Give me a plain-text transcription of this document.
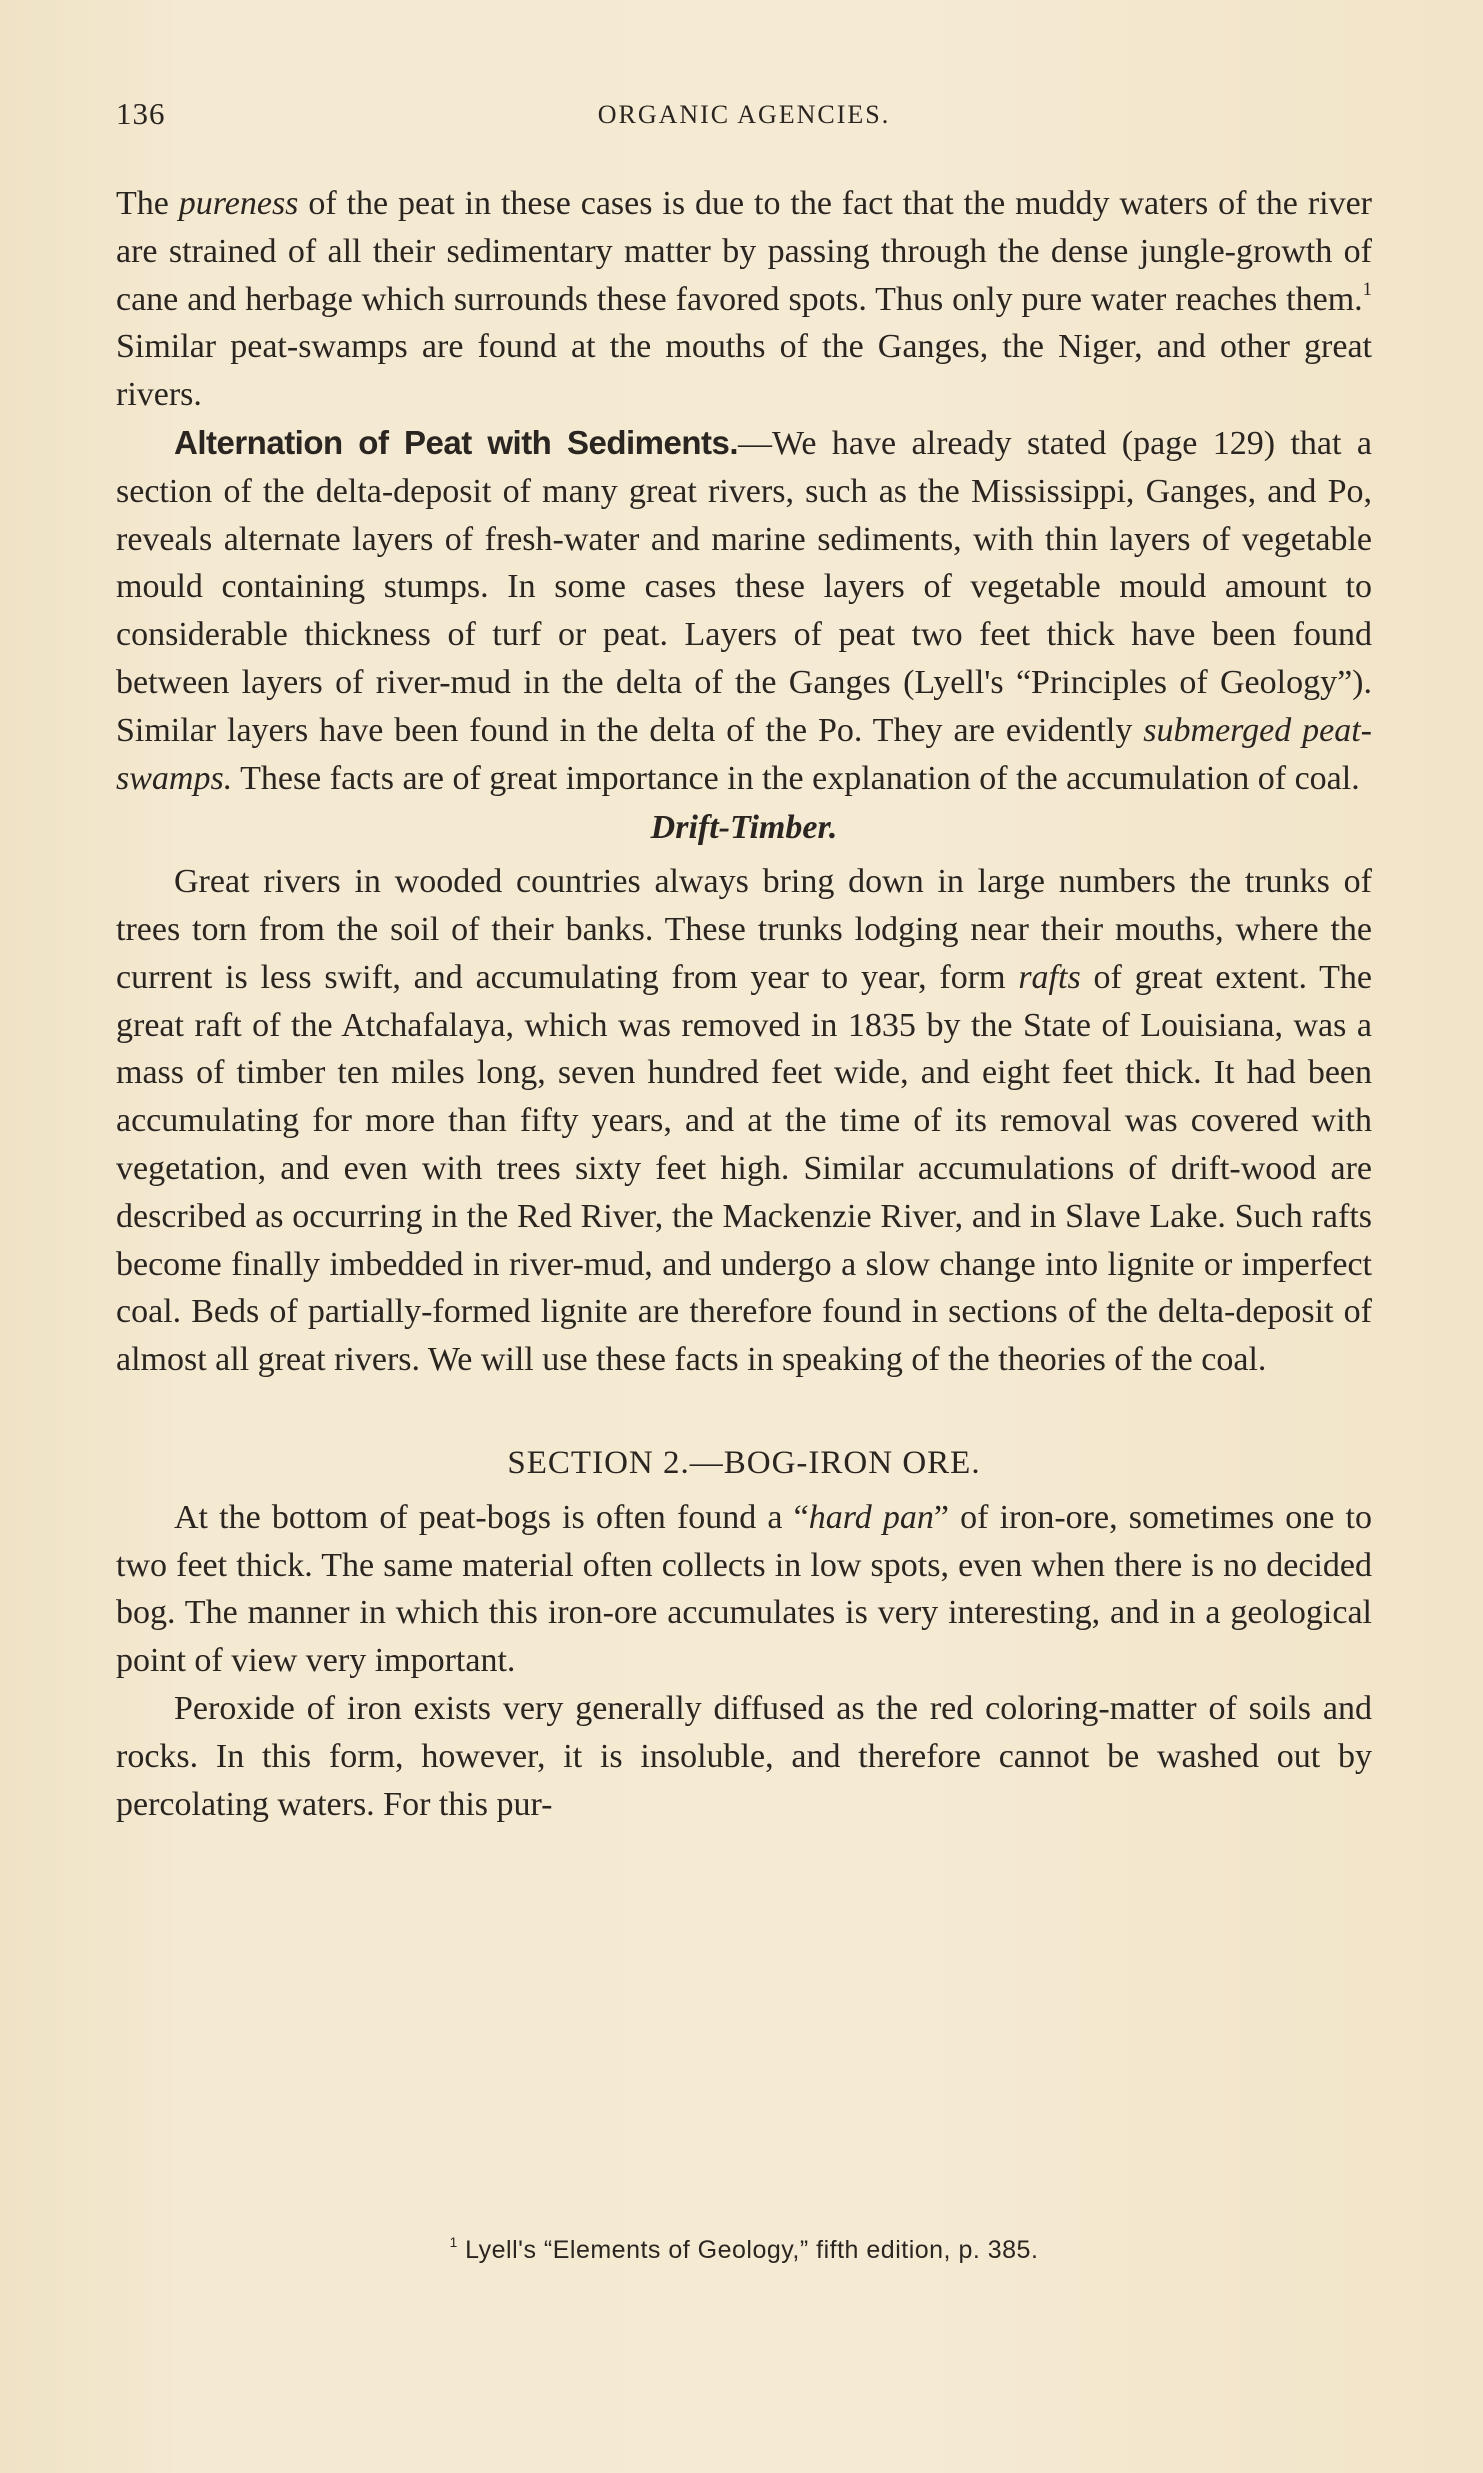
136	ORGANIC AGENCIES.

The pureness of the peat in these cases is due to the fact that the muddy waters of the river are strained of all their sedimentary matter by passing through the dense jungle-growth of cane and herbage which surrounds these favored spots. Thus only pure water reaches them.$^1$ Similar peat-swamps are found at the mouths of the Ganges, the Niger, and other great rivers.

Alternation of Peat with Sediments.—We have already stated (page 129) that a section of the delta-deposit of many great rivers, such as the Mississippi, Ganges, and Po, reveals alternate layers of fresh-water and marine sediments, with thin layers of vegetable mould containing stumps. In some cases these layers of vegetable mould amount to considerable thickness of turf or peat. Layers of peat two feet thick have been found between layers of river-mud in the delta of the Ganges (Lyell's “Principles of Geology”). Similar layers have been found in the delta of the Po. They are evidently submerged peat-swamps. These facts are of great importance in the explanation of the accumulation of coal.

Drift-Timber.

Great rivers in wooded countries always bring down in large numbers the trunks of trees torn from the soil of their banks. These trunks lodging near their mouths, where the current is less swift, and accumulating from year to year, form rafts of great extent. The great raft of the Atchafalaya, which was removed in 1835 by the State of Louisiana, was a mass of timber ten miles long, seven hundred feet wide, and eight feet thick. It had been accumulating for more than fifty years, and at the time of its removal was covered with vegetation, and even with trees sixty feet high. Similar accumulations of drift-wood are described as occurring in the Red River, the Mackenzie River, and in Slave Lake. Such rafts become finally imbedded in river-mud, and undergo a slow change into lignite or imperfect coal. Beds of partially-formed lignite are therefore found in sections of the delta-deposit of almost all great rivers. We will use these facts in speaking of the theories of the coal.

SECTION 2.—BOG-IRON ORE.

At the bottom of peat-bogs is often found a “hard pan” of iron-ore, sometimes one to two feet thick. The same material often collects in low spots, even when there is no decided bog. The manner in which this iron-ore accumulates is very interesting, and in a geological point of view very important.

Peroxide of iron exists very generally diffused as the red coloring-matter of soils and rocks. In this form, however, it is insoluble, and therefore cannot be washed out by percolating waters. For this pur-

$^1$ Lyell's “Elements of Geology,” fifth edition, p. 385.
